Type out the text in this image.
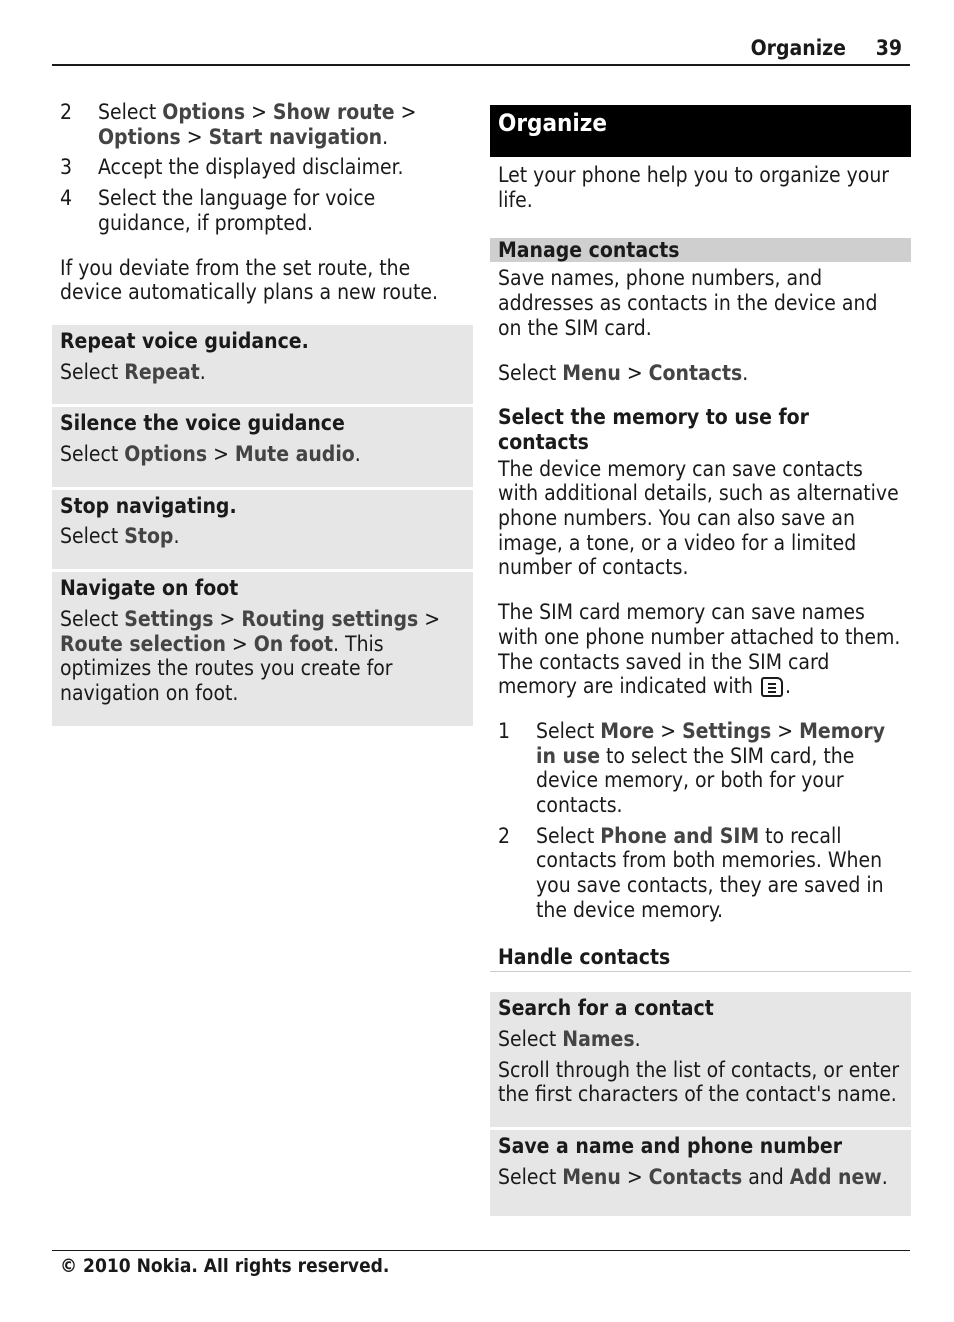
Organize 39
2 Select Options > Show route > Options > Start navigation.
3 Accept the displayed disclaimer.
4 Select the language for voice guidance, if prompted.

If you deviate from the set route, the device automatically plans a new route.

Repeat voice guidance.

Select Repeat.

Silence the voice guidance

Select Options > Mute audio.

Stop navigating.

Select Stop.

Navigate on foot

Select Settings > Routing settings > Route selection > On foot. This optimizes the routes you create for navigation on foot.

Organize

Let your phone help you to organize your life.

Manage contacts

Save names, phone numbers, and addresses as contacts in the device and on the SIM card.

Select Menu > Contacts.

Select the memory to use for contacts

The device memory can save contacts with additional details, such as alternative phone numbers. You can also save an image, a tone, or a video for a limited number of contacts.

The SIM card memory can save names with one phone number attached to them. The contacts saved in the SIM card memory are indicated with .

1 Select More > Settings > Memory in use to select the SIM card, the device memory, or both for your contacts.
2 Select Phone and SIM to recall contacts from both memories. When you save contacts, they are saved in the device memory.
Handle contacts
Search for a contact

Select Names.

Scroll through the list of contacts, or enter the first characters of the contact's name.

Save a name and phone number

Select Menu > Contacts and Add new.

© 2010 Nokia. All rights reserved.
